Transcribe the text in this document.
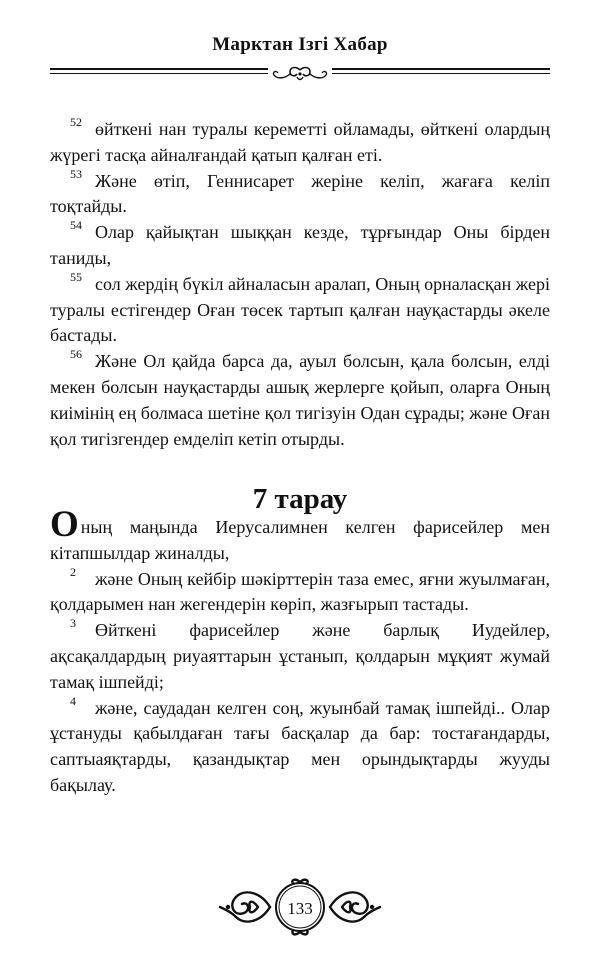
Марктан Ізгі Хабар

52 өйткені нан туралы кереметті ойламады, өйткені олардың жүрегі тасқа айналғандай қатып қалған еті.

53 Және өтіп, Геннисарет жеріне келіп, жағаға келіп тоқтайды.

54 Олар қайықтан шыққан кезде, тұрғындар Оны бірден таниды,

55 сол жердің бүкіл айналасын аралап, Оның орналасқан жері туралы естігендер Оған төсек тартып қалған науқастарды әкеле бастады.

56 Және Ол қайда барса да, ауыл болсын, қала болсын, елді мекен болсын науқастарды ашық жерлерге қойып, оларға Оның киімінің ең болмаса шетіне қол тигізуін Одан сұрады; және Оған қол тигізгендер емделіп кетіп отырды.

7 тарау

Оның маңында Иерусалимнен келген фарисейлер мен кітапшылдар жиналды,

2 және Оның кейбір шәкірттерін таза емес, яғни жуылмаған, қолдарымен нан жегендерін көріп, жазғырып тастады.

3 Өйткені фарисейлер және барлық Иудейлер, ақсақалдардың риуаяттарын ұстанып, қолдарын мұқият жумай тамақ ішпейді;

4 және, саудадан келген соң, жуынбай тамақ ішпейді.. Олар ұстануды қабылдаған тағы басқалар да бар: тостағандарды, саптыаяқтарды, қазандықтар мен орындықтарды жууды бақылау.

133
